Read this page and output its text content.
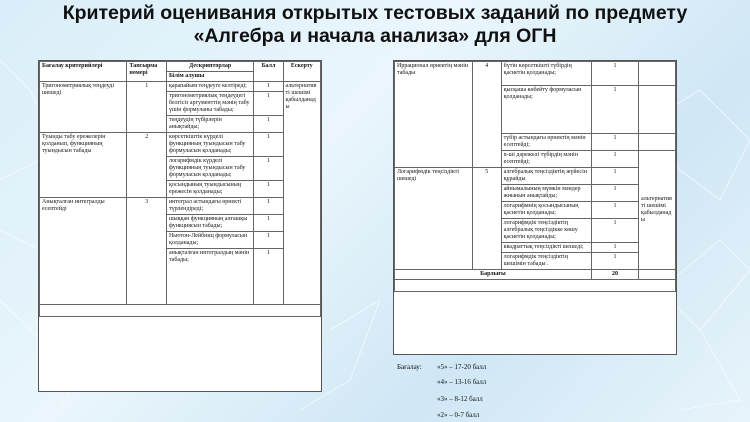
Критерий оценивания открытых тестовых заданий по предмету
«Алгебра и начала анализа» для ОГН
Бағалау критерийлері	Тапсырма номері	Дескрипторлар	Балл	Ескерту
		Білім алушы		
Тригонометриялық теңдеуді шешеді	1	қарапайым теңдеуге келтіреді;	1	альтернативті шешімі қабылданады
		тригонометриялық теңдеудегі белгісіз аргументтің мәнің табу үшін формуланы табады;	1	
		теңдеудің түбірлерін анықтайды;	1	
Туынды табу ережелерін қолданып, функцияның туындысын табады	2	көрсеткіштік күрделі функцияның туындысын табу формуласын қолданады;	1	
		логарифмдік күрделі функцияның туындысын табу формуласын қолданады;	1	
		қосындының туындысының ережесін қолданады;	1	
Анықталған интегралды есептейді	3	интеграл астындағы өрнекті түрлендіреді;	1	
		шыққан функцияның алғашқы функциясын табады;	1	
		Ньютон-Лейбниц формуласын қолданады;	1	
		анықталған интегралдың мәнін табады;	1	

Иррационал өрнектің мәнін табады	4	бүтін көрсеткішті түбірдің қасиетін қолданады;	1	
		қысқаша көбейту формуласын қолданады;	1	
		түбір астындағы өрнектің мәнін есептейді;	1	
		n-ші дәрежелі түбірдің мәнін есептейді;	1	альтернативті шешімі қабылданады
Логарифмдік теңсіздікті шешеді	5	алгебралық теңсіздіктің жүйесін құрайды	1	
		айнымалының мүмкін мәндер жиынын анықтайды;	1	
		логарифмнің қосындысының қасиетін қолданады;	1	
		логарифмдік теңсіздіктің алгебралық теңсіздікке көшу қасиетін қолданады;	1	
		квадраттық теңсіздікті шешеді;	1	
		логарифмдік теңсіздіктің шешімін табады .	1	
Барлығы			20	

Бағалау: «5» – 17-20 балл
«4» – 13-16 балл
«3» – 8-12 балл
«2» – 0-7 балл
